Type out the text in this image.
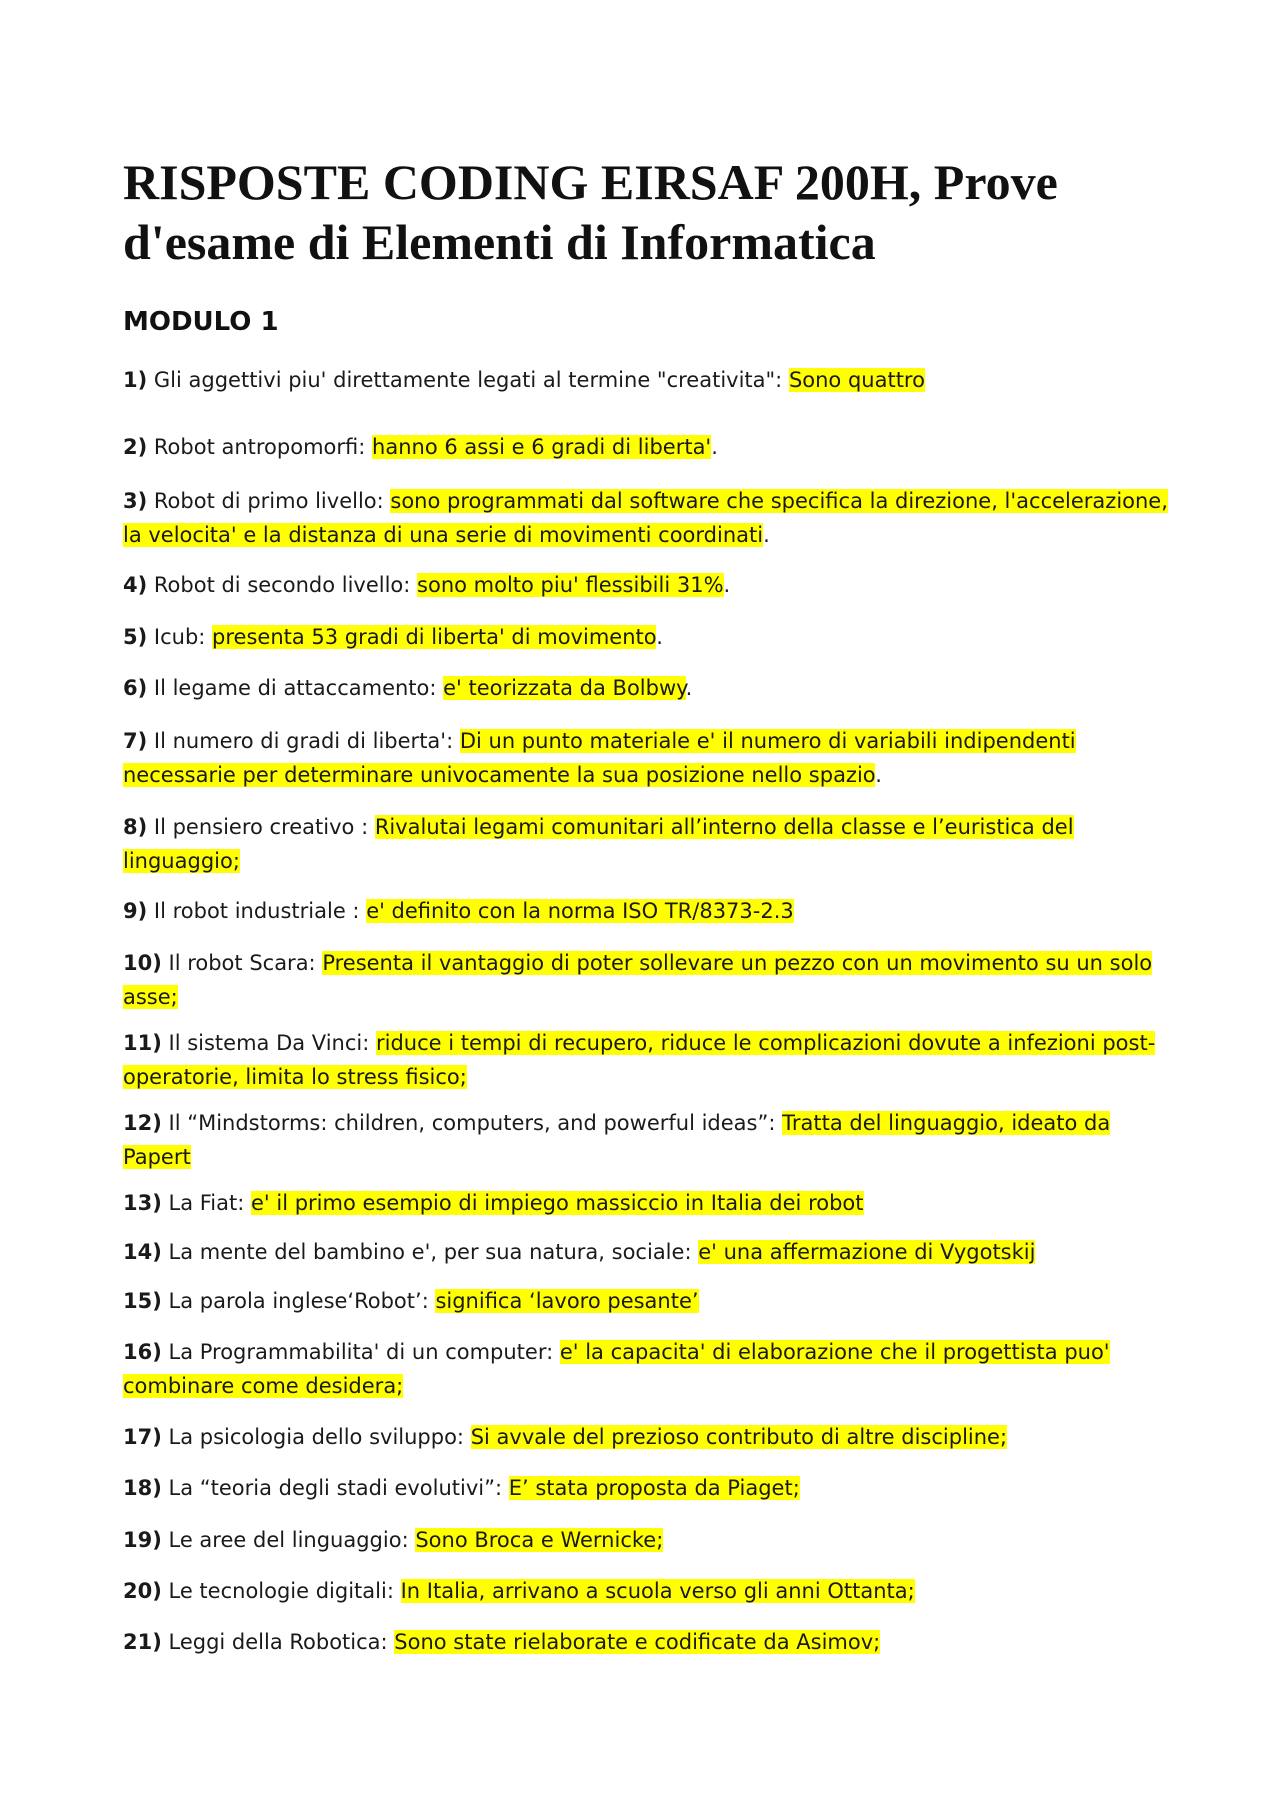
RISPOSTE CODING EIRSAF 200H, Prove d'esame di Elementi di Informatica
MODULO 1

1) Gli aggettivi piu' direttamente legati al termine "creativita": Sono quattro

2) Robot antropomorfi: hanno 6 assi e 6 gradi di liberta'.

3) Robot di primo livello: sono programmati dal software che specifica la direzione, l'accelerazione, la velocita' e la distanza di una serie di movimenti coordinati.

4) Robot di secondo livello: sono molto piu' flessibili 31%.

5) Icub: presenta 53 gradi di liberta' di movimento.

6) Il legame di attaccamento: e' teorizzata da Bolbwy.

7) Il numero di gradi di liberta': Di un punto materiale e' il numero di variabili indipendenti necessarie per determinare univocamente la sua posizione nello spazio.

8) Il pensiero creativo : Rivalutai legami comunitari all’interno della classe e l’euristica del linguaggio;

9) Il robot industriale : e' definito con la norma ISO TR/8373-2.3

10) Il robot Scara: Presenta il vantaggio di poter sollevare un pezzo con un movimento su un solo asse;

11) Il sistema Da Vinci: riduce i tempi di recupero, riduce le complicazioni dovute a infezioni post-operatorie, limita lo stress fisico;

12) Il “Mindstorms: children, computers, and powerful ideas”: Tratta del linguaggio, ideato da Papert

13) La Fiat: e' il primo esempio di impiego massiccio in Italia dei robot

14) La mente del bambino e', per sua natura, sociale: e' una affermazione di Vygotskij

15) La parola inglese‘Robot’: significa ‘lavoro pesante’

16) La Programmabilita' di un computer: e' la capacita' di elaborazione che il progettista puo' combinare come desidera;

17) La psicologia dello sviluppo: Si avvale del prezioso contributo di altre discipline;

18) La “teoria degli stadi evolutivi”: E’ stata proposta da Piaget;

19) Le aree del linguaggio: Sono Broca e Wernicke;

20) Le tecnologie digitali: In Italia, arrivano a scuola verso gli anni Ottanta;

21) Leggi della Robotica: Sono state rielaborate e codificate da Asimov;
